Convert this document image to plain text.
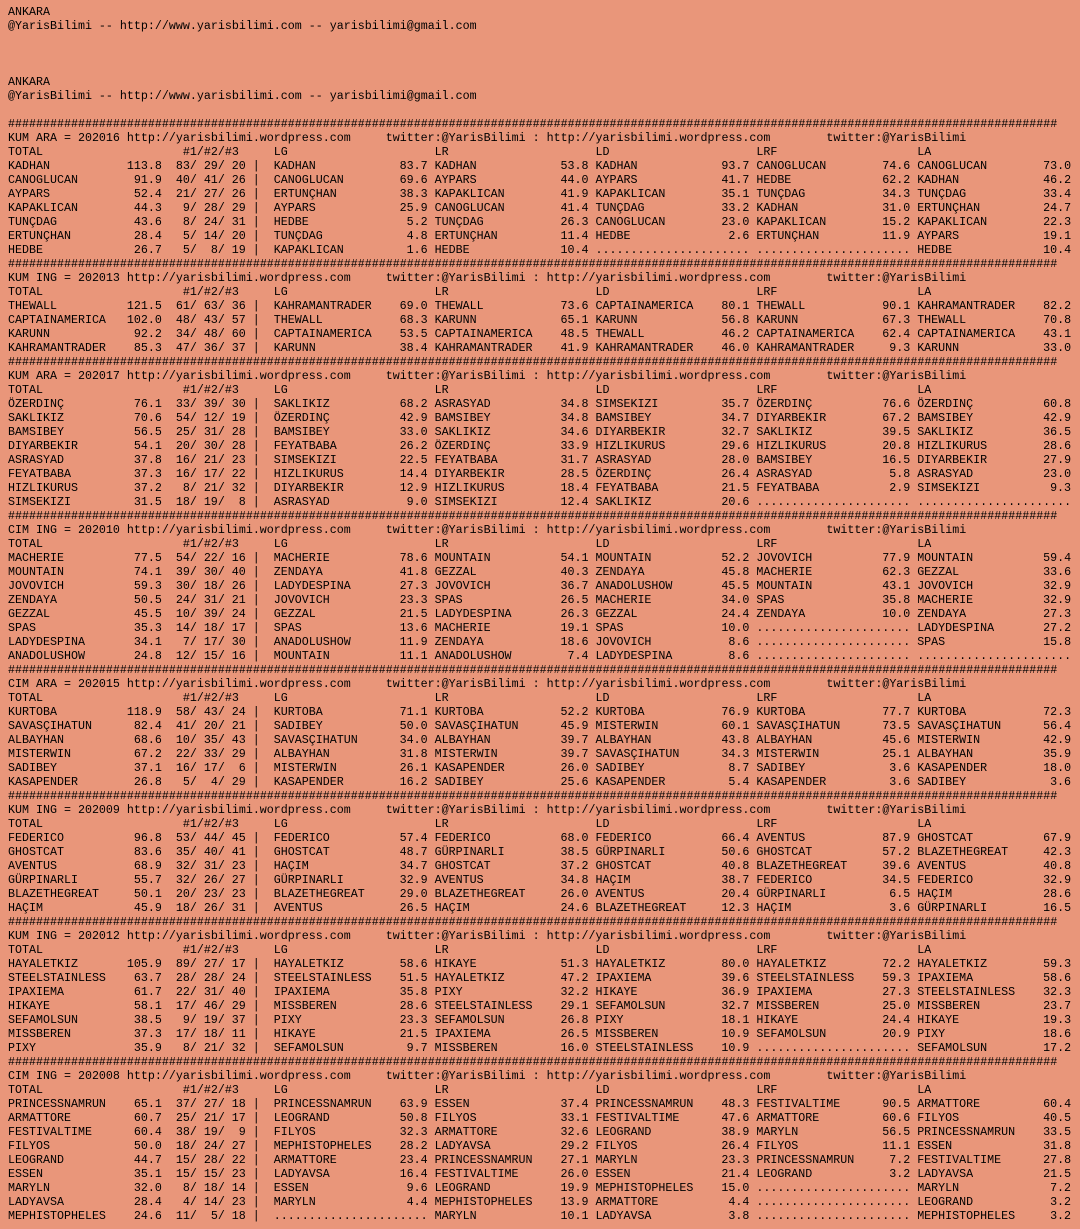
ANKARA
@YarisBilimi -- http://www.yarisbilimi.com -- yarisbilimi@gmail.com
ANKARA
@YarisBilimi -- http://www.yarisbilimi.com -- yarisbilimi@gmail.com
######################################################################################################################################################
KUM ARA = 202016 http://yarisbilimi.wordpress.com	twitter:@YarisBilimi : http://yarisbilimi.wordpress.com	twitter:@YarisBilimi
TOTAL	#1/#2/#3	LG	LR	LD	LRF	LA
KADHAN	113.8 83/ 29/ 20 | KADHAN	83.7 KADHAN	53.8 KADHAN	93.7 CANOGLUCAN	74.6 CANOGLUCAN	73.0
CANOGLUCAN	91.9 40/ 41/ 26 | CANOGLUCAN	69.6 AYPARS	44.0 AYPARS	41.7 HEDBE	62.2 KADHAN	46.2
AYPARS	52.4 21/ 27/ 26 | ERTUNÇHAN	38.3 KAPAKLICAN	41.9 KAPAKLICAN	35.1 TUNÇDAG	34.3 TUNÇDAG	33.4
KAPAKLICAN	44.3 9/ 28/ 29 | AYPARS	25.9 CANOGLUCAN	41.4 TUNÇDAG	33.2 KADHAN	31.0 ERTUNÇHAN	24.7
TUNÇDAG	43.6 8/ 24/ 31 | HEDBE	5.2 TUNÇDAG	26.3 CANOGLUCAN	23.0 KAPAKLICAN	15.2 KAPAKLICAN	22.3
ERTUNÇHAN	28.4 5/ 14/ 20 | TUNÇDAG	4.8 ERTUNÇHAN	11.4 HEDBE	2.6 ERTUNÇHAN	11.9 AYPARS	19.1
HEDBE	26.7 5/ 8/ 19 | KAPAKLICAN	1.6 HEDBE	10.4 ...................... ...................... HEDBE	10.4
######################################################################################################################################################
KUM ING = 202013 http://yarisbilimi.wordpress.com	twitter:@YarisBilimi : http://yarisbilimi.wordpress.com	twitter:@YarisBilimi
TOTAL	#1/#2/#3	LG	LR	LD	LRF	LA
THEWALL	121.5 61/ 63/ 36 | KAHRAMANTRADER 69.0 THEWALL	73.6 CAPTAINAMERICA 80.1 THEWALL	90.1 KAHRAMANTRADER 82.2
CAPTAINAMERICA 102.0 48/ 43/ 57 | THEWALL	68.3 KARUNN	65.1 KARUNN	56.8 KARUNN	67.3 THEWALL	70.8
KARUNN	92.2 34/ 48/ 60 | CAPTAINAMERICA 53.5 CAPTAINAMERICA 48.5 THEWALL	46.2 CAPTAINAMERICA 62.4 CAPTAINAMERICA 43.1
KAHRAMANTRADER 85.3 47/ 36/ 37 | KARUNN	38.4 KAHRAMANTRADER 41.9 KAHRAMANTRADER 46.0 KAHRAMANTRADER	9.3 KARUNN	33.0
######################################################################################################################################################
KUM ARA = 202017 http://yarisbilimi.wordpress.com	twitter:@YarisBilimi : http://yarisbilimi.wordpress.com	twitter:@YarisBilimi
TOTAL	#1/#2/#3	LG	LR	LD	LRF	LA
ÖZERDINÇ	76.1 33/ 39/ 30 | SAKLIKIZ	68.2 ASRASYAD	34.8 SIMSEKIZI	35.7 ÖZERDINÇ	76.6 ÖZERDINÇ	60.8
SAKLIKIZ	70.6 54/ 12/ 19 | ÖZERDINÇ	42.9 BAMSIBEY	34.8 BAMSIBEY	34.7 DIYARBEKIR	67.2 BAMSIBEY	42.9
BAMSIBEY	56.5 25/ 31/ 28 | BAMSIBEY	33.0 SAKLIKIZ	34.6 DIYARBEKIR	32.7 SAKLIKIZ	39.5 SAKLIKIZ	36.5
DIYARBEKIR	54.1 20/ 30/ 28 | FEYATBABA	26.2 ÖZERDINÇ	33.9 HIZLIKURUS	29.6 HIZLIKURUS	20.8 HIZLIKURUS	28.6
ASRASYAD	37.8 16/ 21/ 23 | SIMSEKIZI	22.5 FEYATBABA	31.7 ASRASYAD	28.0 BAMSIBEY	16.5 DIYARBEKIR	27.9
FEYATBABA	37.3 16/ 17/ 22 | HIZLIKURUS	14.4 DIYARBEKIR	28.5 ÖZERDINÇ	26.4 ASRASYAD	5.8 ASRASYAD	23.0
HIZLIKURUS	37.2 8/ 21/ 32 | DIYARBEKIR	12.9 HIZLIKURUS	18.4 FEYATBABA	21.5 FEYATBABA	2.9 SIMSEKIZI	9.3
SIMSEKIZI	31.5 18/ 19/ 8 | ASRASYAD	9.0 SIMSEKIZI	12.4 SAKLIKIZ	20.6 ...................... ......................
######################################################################################################################################################
CIM ING = 202010 http://yarisbilimi.wordpress.com	twitter:@YarisBilimi : http://yarisbilimi.wordpress.com	twitter:@YarisBilimi
TOTAL	#1/#2/#3	LG	LR	LD	LRF	LA
MACHERIE	77.5 54/ 22/ 16 | MACHERIE	78.6 MOUNTAIN	54.1 MOUNTAIN	52.2 JOVOVICH	77.9 MOUNTAIN	59.4
MOUNTAIN	74.1 39/ 30/ 40 | ZENDAYA	41.8 GEZZAL	40.3 ZENDAYA	45.8 MACHERIE	62.3 GEZZAL	33.6
JOVOVICH	59.3 30/ 18/ 26 | LADYDESPINA	27.3 JOVOVICH	36.7 ANADOLUSHOW	45.5 MOUNTAIN	43.1 JOVOVICH	32.9
ZENDAYA	50.5 24/ 31/ 21 | JOVOVICH	23.3 SPAS	26.5 MACHERIE	34.0 SPAS	35.8 MACHERIE	32.9
GEZZAL	45.5 10/ 39/ 24 | GEZZAL	21.5 LADYDESPINA	26.3 GEZZAL	24.4 ZENDAYA	10.0 ZENDAYA	27.3
SPAS	35.3 14/ 18/ 17 | SPAS	13.6 MACHERIE	19.1 SPAS	10.0 ...................... LADYDESPINA	27.2
LADYDESPINA	34.1 7/ 17/ 30 | ANADOLUSHOW	11.9 ZENDAYA	18.6 JOVOVICH	8.6 ...................... SPAS	15.8
ANADOLUSHOW	24.8 12/ 15/ 16 | MOUNTAIN	11.1 ANADOLUSHOW	7.4 LADYDESPINA	8.6 ...................... ......................
######################################################################################################################################################
CIM ARA = 202015 http://yarisbilimi.wordpress.com	twitter:@YarisBilimi : http://yarisbilimi.wordpress.com	twitter:@YarisBilimi
TOTAL	#1/#2/#3	LG	LR	LD	LRF	LA
KURTOBA	118.9 58/ 43/ 24 | KURTOBA	71.1 KURTOBA	52.2 KURTOBA	76.9 KURTOBA	77.7 KURTOBA	72.3
SAVASÇIHATUN	82.4 41/ 20/ 21 | SADIBEY	50.0 SAVASÇIHATUN	45.9 MISTERWIN	60.1 SAVASÇIHATUN	73.5 SAVASÇIHATUN	56.4
ALBAYHAN	68.6 10/ 35/ 43 | SAVASÇIHATUN	34.0 ALBAYHAN	39.7 ALBAYHAN	43.8 ALBAYHAN	45.6 MISTERWIN	42.9
MISTERWIN	67.2 22/ 33/ 29 | ALBAYHAN	31.8 MISTERWIN	39.7 SAVASÇIHATUN	34.3 MISTERWIN	25.1 ALBAYHAN	35.9
SADIBEY	37.1 16/ 17/ 6 | MISTERWIN	26.1 KASAPENDER	26.0 SADIBEY	8.7 SADIBEY	3.6 KASAPENDER	18.0
KASAPENDER	26.8 5/ 4/ 29 | KASAPENDER	16.2 SADIBEY	25.6 KASAPENDER	5.4 KASAPENDER	3.6 SADIBEY	3.6
######################################################################################################################################################
KUM ING = 202009 http://yarisbilimi.wordpress.com	twitter:@YarisBilimi : http://yarisbilimi.wordpress.com	twitter:@YarisBilimi
TOTAL	#1/#2/#3	LG	LR	LD	LRF	LA
FEDERICO	96.8 53/ 44/ 45 | FEDERICO	57.4 FEDERICO	68.0 FEDERICO	66.4 AVENTUS	87.9 GHOSTCAT	67.9
GHOSTCAT	83.6 35/ 40/ 41 | GHOSTCAT	48.7 GÜRPINARLI	38.5 GÜRPINARLI	50.6 GHOSTCAT	57.2 BLAZETHEGREAT	42.3
AVENTUS	68.9 32/ 31/ 23 | HAÇIM	34.7 GHOSTCAT	37.2 GHOSTCAT	40.8 BLAZETHEGREAT	39.6 AVENTUS	40.8
GÜRPINARLI	55.7 32/ 26/ 27 | GÜRPINARLI	32.9 AVENTUS	34.8 HAÇIM	38.7 FEDERICO	34.5 FEDERICO	32.9
BLAZETHEGREAT	50.1 20/ 23/ 23 | BLAZETHEGREAT	29.0 BLAZETHEGREAT	26.0 AVENTUS	20.4 GÜRPINARLI	6.5 HAÇIM	28.6
HAÇIM	45.9 18/ 26/ 31 | AVENTUS	26.5 HAÇIM	24.6 BLAZETHEGREAT	12.3 HAÇIM	3.6 GÜRPINARLI	16.5
######################################################################################################################################################
KUM ING = 202012 http://yarisbilimi.wordpress.com	twitter:@YarisBilimi : http://yarisbilimi.wordpress.com	twitter:@YarisBilimi
TOTAL	#1/#2/#3	LG	LR	LD	LRF	LA
HAYALETKIZ	105.9 89/ 27/ 17 | HAYALETKIZ	58.6 HIKAYE	51.3 HAYALETKIZ	80.0 HAYALETKIZ	72.2 HAYALETKIZ	59.3
STEELSTAINLESS 63.7 28/ 28/ 24 | STEELSTAINLESS 51.5 HAYALETKIZ	47.2 IPAXIEMA	39.6 STEELSTAINLESS 59.3 IPAXIEMA	58.6
IPAXIEMA	61.7 22/ 31/ 40 | IPAXIEMA	35.8 PIXY	32.2 HIKAYE	36.9 IPAXIEMA	27.3 STEELSTAINLESS 32.3
HIKAYE	58.1 17/ 46/ 29 | MISSBEREN	28.6 STEELSTAINLESS 29.1 SEFAMOLSUN	32.7 MISSBEREN	25.0 MISSBEREN	23.7
SEFAMOLSUN	38.5 9/ 19/ 37 | PIXY	23.3 SEFAMOLSUN	26.8 PIXY	18.1 HIKAYE	24.4 HIKAYE	19.3
MISSBEREN	37.3 17/ 18/ 11 | HIKAYE	21.5 IPAXIEMA	26.5 MISSBEREN	10.9 SEFAMOLSUN	20.9 PIXY	18.6
PIXY	35.9 8/ 21/ 32 | SEFAMOLSUN	9.7 MISSBEREN	16.0 STEELSTAINLESS 10.9 ...................... SEFAMOLSUN	17.2
######################################################################################################################################################
CIM ING = 202008 http://yarisbilimi.wordpress.com	twitter:@YarisBilimi : http://yarisbilimi.wordpress.com	twitter:@YarisBilimi
TOTAL	#1/#2/#3	LG	LR	LD	LRF	LA
PRINCESSNAMRUN 65.1 37/ 27/ 18 | PRINCESSNAMRUN 63.9 ESSEN	37.4 PRINCESSNAMRUN 48.3 FESTIVALTIME	90.5 ARMATTORE	60.4
ARMATTORE	60.7 25/ 21/ 17 | LEOGRAND	50.8 FILYOS	33.1 FESTIVALTIME	47.6 ARMATTORE	60.6 FILYOS	40.5
FESTIVALTIME	60.4 38/ 19/ 9 | FILYOS	32.3 ARMATTORE	32.6 LEOGRAND	38.9 MARYLN	56.5 PRINCESSNAMRUN 33.5
FILYOS	50.0 18/ 24/ 27 | MEPHISTOPHELES 28.2 LADYAVSA	29.2 FILYOS	26.4 FILYOS	11.1 ESSEN	31.8
LEOGRAND	44.7 15/ 28/ 22 | ARMATTORE	23.4 PRINCESSNAMRUN 27.1 MARYLN	23.3 PRINCESSNAMRUN	7.2 FESTIVALTIME	27.8
ESSEN	35.1 15/ 15/ 23 | LADYAVSA	16.4 FESTIVALTIME	26.0 ESSEN	21.4 LEOGRAND	3.2 LADYAVSA	21.5
MARYLN	32.0 8/ 18/ 14 | ESSEN	9.6 LEOGRAND	19.9 MEPHISTOPHELES 15.0 ...................... MARYLN	7.2
LADYAVSA	28.4 4/ 14/ 23 | MARYLN	4.4 MEPHISTOPHELES 13.9 ARMATTORE	4.4 ...................... LEOGRAND	3.2
MEPHISTOPHELES 24.6 11/ 5/ 18 | ...................... MARYLN	10.1 LADYAVSA	3.8 ...................... MEPHISTOPHELES	3.2
